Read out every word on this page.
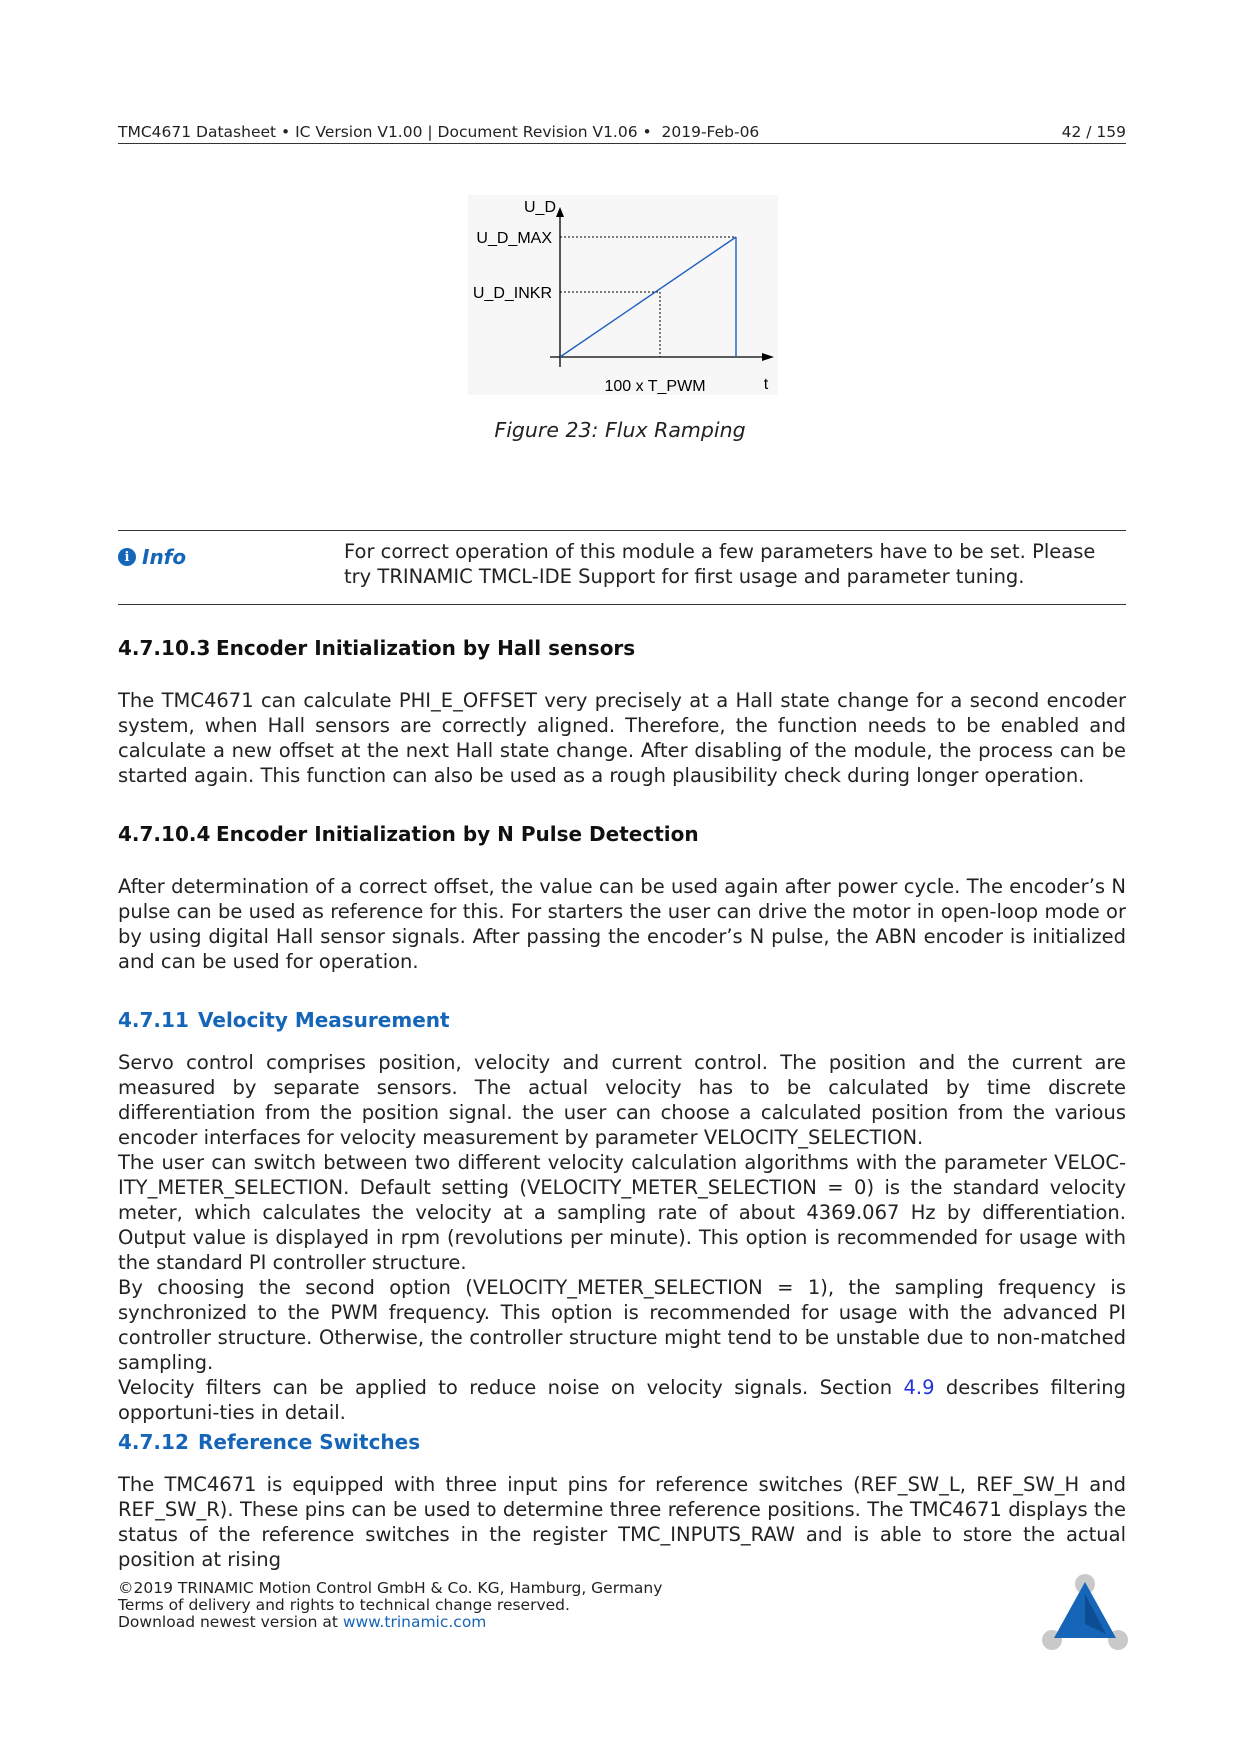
TMC4671 Datasheet • IC Version V1.00 | Document Revision V1.06 •  2019-Feb-06	42 / 159
U_D
U_D_MAX
U_D_INKR
100 x T_PWM	t
Figure 23: Flux Ramping
i Info	For correct operation of this module a few parameters have to be set. Please try TRINAMIC TMCL-IDE Support for first usage and parameter tuning.
4.7.10.3 Encoder Initialization by Hall sensors
The TMC4671 can calculate PHI_E_OFFSET very precisely at a Hall state change for a second encoder system, when Hall sensors are correctly aligned. Therefore, the function needs to be enabled and calculate a new offset at the next Hall state change. After disabling of the module, the process can be started again. This function can also be used as a rough plausibility check during longer operation.
4.7.10.4 Encoder Initialization by N Pulse Detection
After determination of a correct offset, the value can be used again after power cycle. The encoder’s N pulse can be used as reference for this. For starters the user can drive the motor in open-loop mode or by using digital Hall sensor signals. After passing the encoder’s N pulse, the ABN encoder is initialized and can be used for operation.
4.7.11 Velocity Measurement
Servo control comprises position, velocity and current control. The position and the current are measured by separate sensors. The actual velocity has to be calculated by time discrete differentiation from the position signal. the user can choose a calculated position from the various encoder interfaces for velocity measurement by parameter VELOCITY_SELECTION.
The user can switch between two different velocity calculation algorithms with the parameter VELOC-ITY_METER_SELECTION. Default setting (VELOCITY_METER_SELECTION = 0) is the standard velocity meter, which calculates the velocity at a sampling rate of about 4369.067 Hz by differentiation. Output value is displayed in rpm (revolutions per minute). This option is recommended for usage with the standard PI controller structure.
By choosing the second option (VELOCITY_METER_SELECTION = 1), the sampling frequency is synchronized to the PWM frequency. This option is recommended for usage with the advanced PI controller structure. Otherwise, the controller structure might tend to be unstable due to non-matched sampling.
Velocity filters can be applied to reduce noise on velocity signals. Section 4.9 describes filtering opportuni-ties in detail.
4.7.12 Reference Switches
The TMC4671 is equipped with three input pins for reference switches (REF_SW_L, REF_SW_H and REF_SW_R). These pins can be used to determine three reference positions. The TMC4671 displays the status of the reference switches in the register TMC_INPUTS_RAW and is able to store the actual position at rising
©2019 TRINAMIC Motion Control GmbH & Co. KG, Hamburg, Germany
Terms of delivery and rights to technical change reserved.
Download newest version at www.trinamic.com
